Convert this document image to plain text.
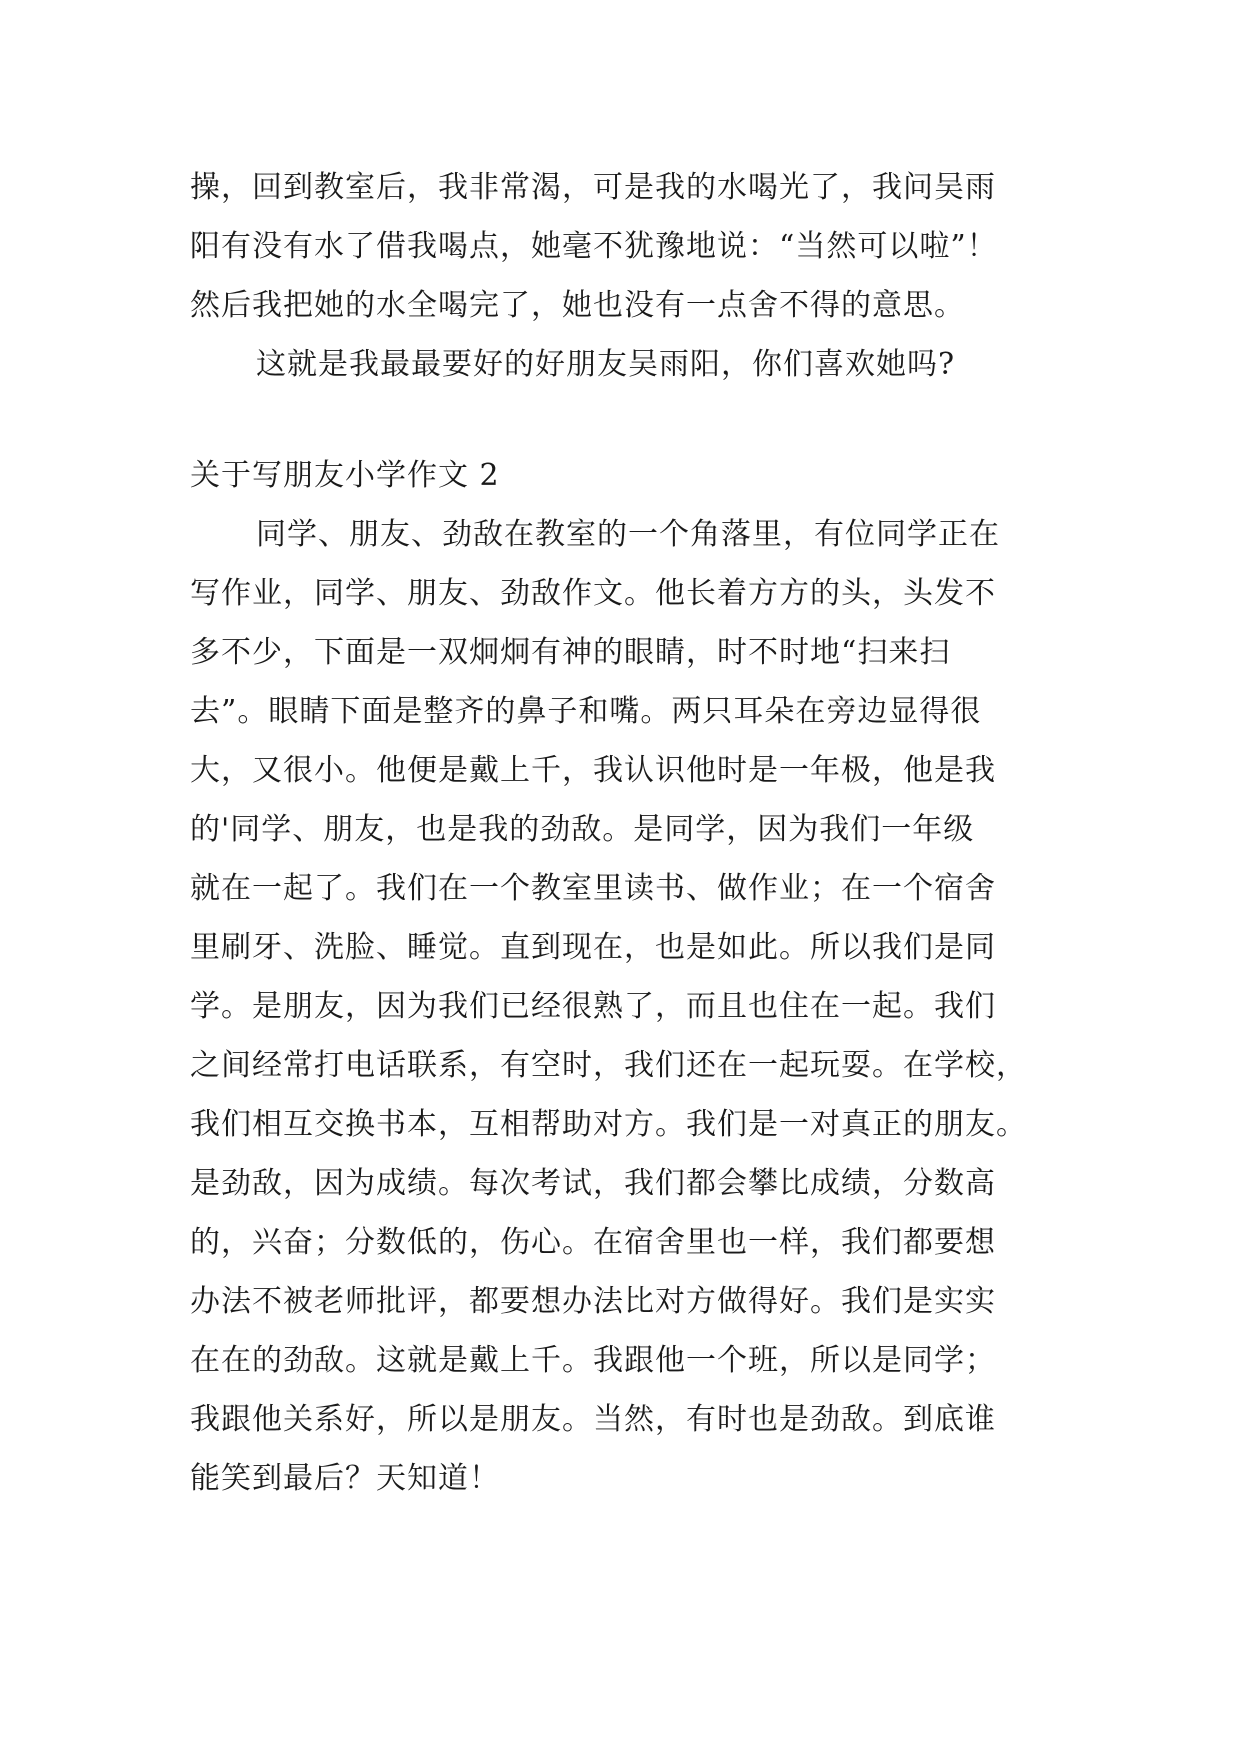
操，回到教室后，我非常渴，可是我的水喝光了，我问吴雨
阳有没有水了借我喝点，她毫不犹豫地说：“当然可以啦”！
然后我把她的水全喝完了，她也没有一点舍不得的意思。

这就是我最最要好的好朋友吴雨阳，你们喜欢她吗?

关于写朋友小学作文 2

同学、朋友、劲敌在教室的一个角落里，有位同学正在

写作业，同学、朋友、劲敌作文。他长着方方的头，头发不
多不少，下面是一双炯炯有神的眼睛，时不时地“扫来扫
去”。眼睛下面是整齐的鼻子和嘴。两只耳朵在旁边显得很
大，又很小。他便是戴上千，我认识他时是一年极，他是我
的'同学、朋友，也是我的劲敌。是同学，因为我们一年级
就在一起了。我们在一个教室里读书、做作业；在一个宿舍
里刷牙、洗脸、睡觉。直到现在，也是如此。所以我们是同
学。是朋友，因为我们已经很熟了，而且也住在一起。我们
之间经常打电话联系，有空时，我们还在一起玩耍。在学校，
我们相互交换书本，互相帮助对方。我们是一对真正的朋友。
是劲敌，因为成绩。每次考试，我们都会攀比成绩，分数高
的，兴奋；分数低的，伤心。在宿舍里也一样，我们都要想
办法不被老师批评，都要想办法比对方做得好。我们是实实
在在的劲敌。这就是戴上千。我跟他一个班，所以是同学；
我跟他关系好，所以是朋友。当然，有时也是劲敌。到底谁
能笑到最后？天知道！
